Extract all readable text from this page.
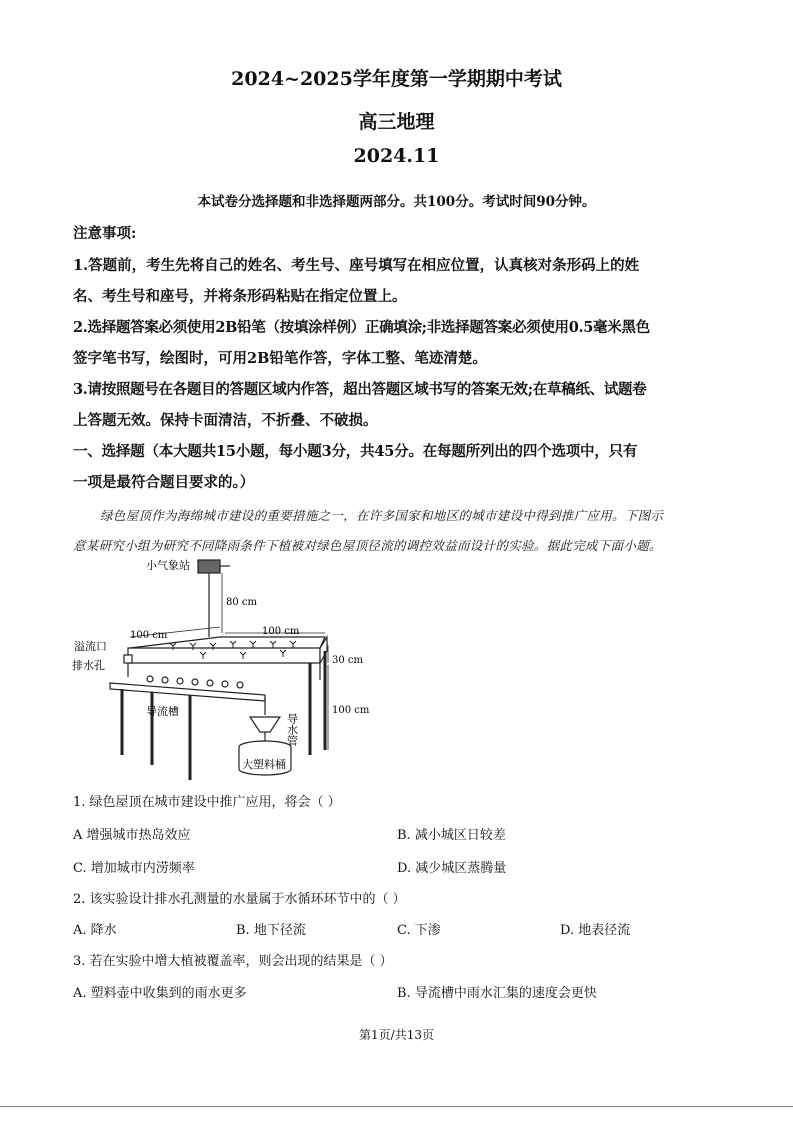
2024~2025学年度第一学期期中考试
高三地理
2024.11
本试卷分选择题和非选择题两部分。共100分。考试时间90分钟。
注意事项:
1.答题前，考生先将自己的姓名、考生号、座号填写在相应位置，认真核对条形码上的姓
名、考生号和座号，并将条形码粘贴在指定位置上。
2.选择题答案必须使用2B铅笔（按填涂样例）正确填涂;非选择题答案必须使用0.5毫米黑色
签字笔书写，绘图时，可用2B铅笔作答，字体工整、笔迹清楚。
3.请按照题号在各题目的答题区域内作答，超出答题区域书写的答案无效;在草稿纸、试题卷
上答题无效。保持卡面清洁，不折叠、不破损。
一、选择题（本大题共15小题，每小题3分，共45分。在每题所列出的四个选项中，只有
一项是最符合题目要求的。）
绿色屋顶作为海绵城市建设的重要措施之一，在许多国家和地区的城市建设中得到推广应用。下图示
意某研究小组为研究不同降雨条件下植被对绿色屋顶径流的调控效益而设计的实验。据此完成下面小题。
小气象站
80 cm
溢流口
100 cm	100 cm
排水孔	30 cm
100 cm
导流槽
导水管
大塑料桶
1. 绿色屋顶在城市建设中推广应用，将会（ ）
A 增强城市热岛效应	B. 减小城区日较差
C. 增加城市内涝频率	D. 减少城区蒸腾量
2. 该实验设计排水孔测量的水量属于水循环环节中的（ ）
A. 降水	B. 地下径流	C. 下渗	D. 地表径流
3. 若在实验中增大植被覆盖率，则会出现的结果是（ ）
A. 塑料壶中收集到的雨水更多	B. 导流槽中雨水汇集的速度会更快
第1页/共13页
